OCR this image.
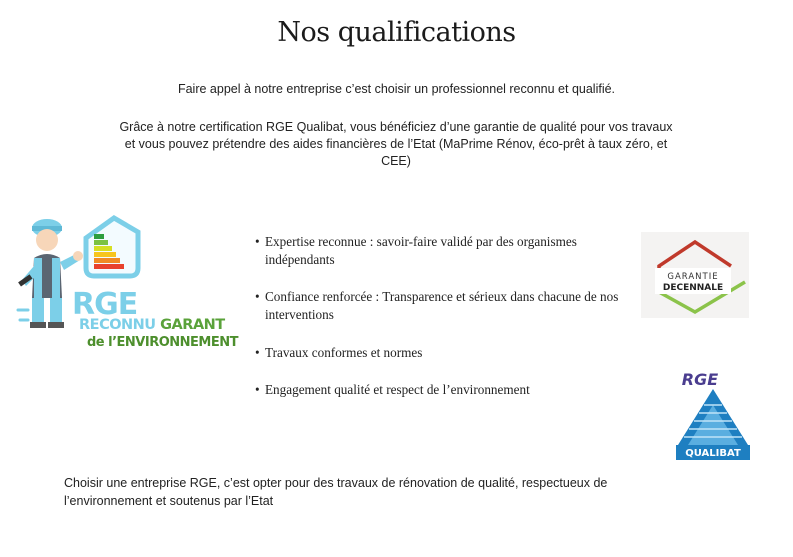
Nos qualifications
Faire appel à notre entreprise c’est choisir un professionnel reconnu et qualifié.
Grâce à notre certification RGE Qualibat, vous bénéficiez d’une garantie de qualité pour vos travaux et vous pouvez prétendre des aides financières de l’Etat (MaPrime Rénov, éco-prêt à taux zéro, et CEE)
RGE
RECONNU GARANT
de l’ENVIRONNEMENT
• Expertise reconnue : savoir-faire validé par des organismes indépendants
• Confiance renforcée : Transparence et sérieux dans chacune de nos interventions
• Travaux conformes et normes
• Engagement qualité et respect de l’environnement
GARANTIE
DECENNALE
RGE
QUALIBAT
Choisir une entreprise RGE, c’est opter pour des travaux de rénovation de qualité, respectueux de l’environnement et soutenus par l’Etat
